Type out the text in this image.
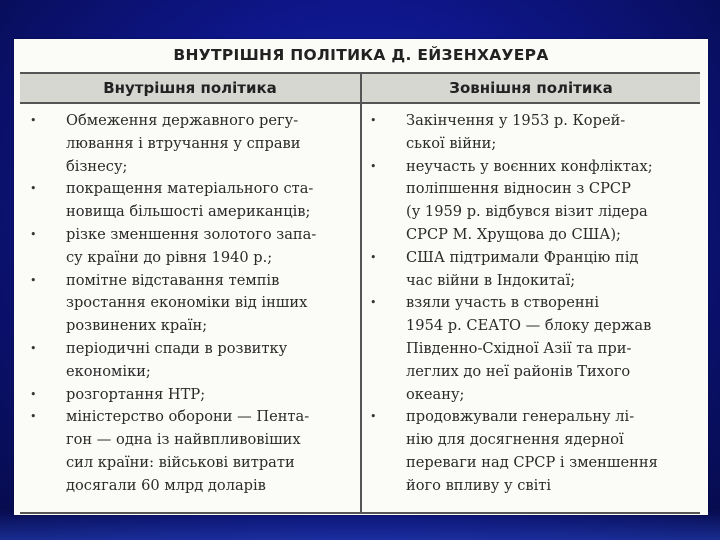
ВНУТРІШНЯ ПОЛІТИКА Д. ЕЙЗЕНХАУЕРА
Внутрішня політика	Зовнішня політика
• Обмеження державного регу-
лювання і втручання у справи
бізнесу;
• покращення матеріального ста-
новища більшості американців;
• різке зменшення золотого запа-
су країни до рівня 1940 р.;
• помітне відставання темпів
зростання економіки від інших
розвинених країн;
• періодичні спади в розвитку
економіки;
• розгортання НТР;
• міністерство оборони — Пента-
гон — одна із найвпливовіших
сил країни: військові витрати
досягали 60 млрд доларів
• Закінчення у 1953 р. Корей-
ської війни;
• неучасть у воєнних конфліктах;
поліпшення відносин з СРСР
(у 1959 р. відбувся візит лідера
СРСР М. Хрущова до США);
• США підтримали Францію під
час війни в Індокитаї;
• взяли участь в створенні
1954 р. СЕАТО — блоку держав
Південно-Східної Азії та при-
леглих до неї районів Тихого
океану;
• продовжували генеральну лі-
нію для досягнення ядерної
переваги над СРСР і зменшення
його впливу у світі
